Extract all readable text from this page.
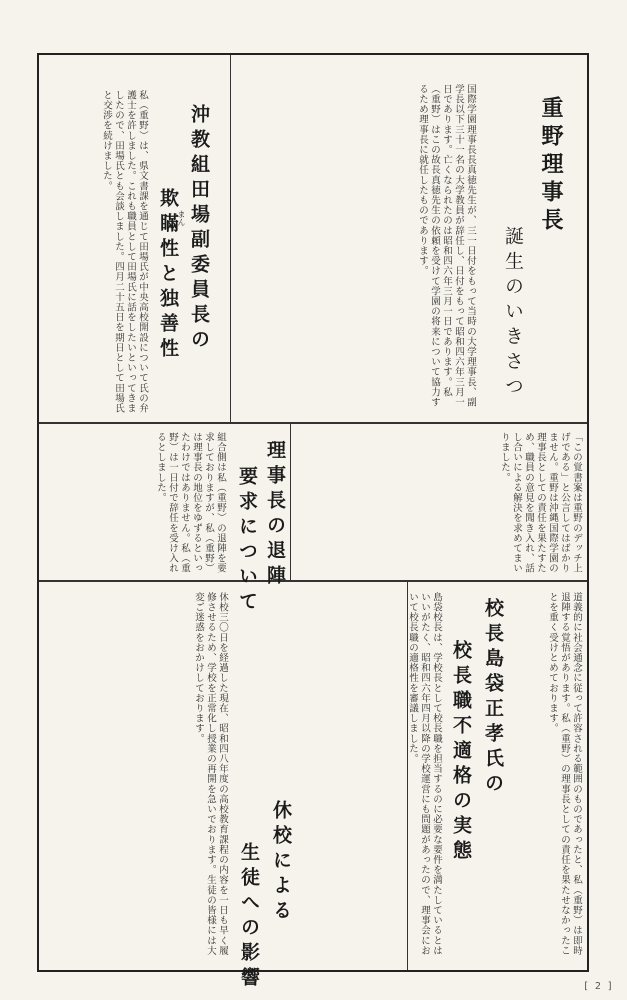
重野理事長
誕生のいきさつ
国際学園理事長長真徳先生が、三一日付をもって当時の大学理事長、副学長以下三十一名の大学教員が辞任し、日付をもって昭和四六年三月一日であります。亡くなられたのは昭和四六年三月一日であります。私（重野）はこの故長真徳先生の依頼を受けて学園の将来について協力するため理事長に就任したものであります。
沖教組田場副委員長の
欺瞞性と独善性
まん
私（重野）は、県文書課を通じて田場氏が中央高校開設について氏の弁護士を許しました。これも職員として田場氏に話をしたいといってきましたので、田場氏とも会談しました。四月二十五日を期日として田場氏と交渉を続けました。
「この覚書案は重野のデッチ上げである」と公言してはばかりません。重野は沖縄国際学園の理事長としての責任を果たすため、職員の意見を聞き入れ、話し合いによる解決を求めてまいりました。
理事長の退陣
要求について
組合側は私（重野）の退陣を要求しておりますが、私（重野）は理事長の地位をゆずるといったわけではありません。私（重野）は一日付で辞任を受け入れるとしました。
道義的に社会通念に従って許容される範囲のものであったと、私（重野）は即時退陣する覚悟があります。私（重野）の理事長としての責任を果たせなかったことを重く受けとめております。
校長島袋正孝氏の
校長職不適格の実態
島袋校長は、学校長として校長職を担当するのに必要な要件を満たしているとはいいがたく、昭和四六年四月以降の学校運営にも問題があったので、理事会において校長職の適格性を審議しました。
休校による
生徒への影響
休校三〇日を経過した現在、昭和四八年度の高校教育課程の内容を一日も早く履修させるため、学校を正常化し授業の再開を急いでおります。生徒の皆様には大変ご迷惑をおかけしております。
[ 2 ]
